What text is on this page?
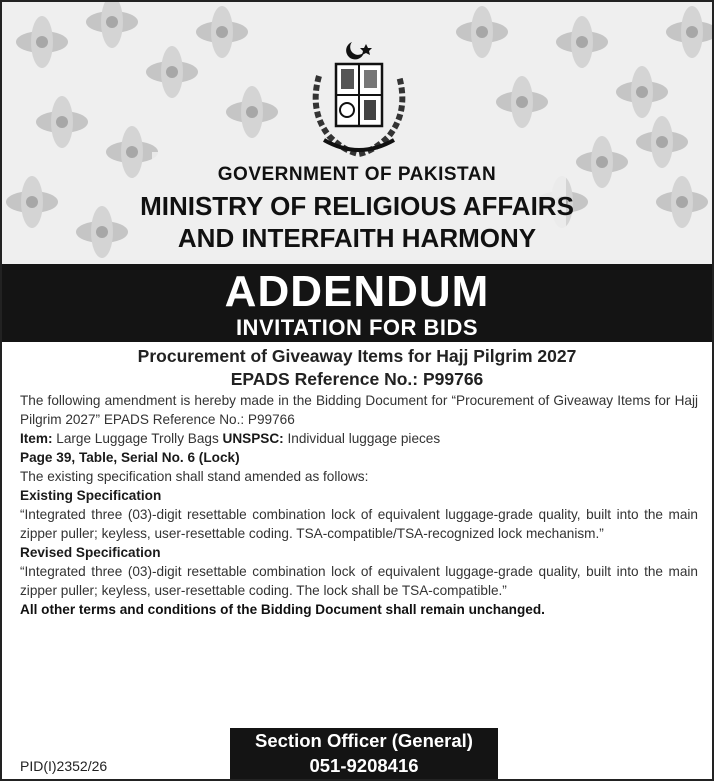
GOVERNMENT OF PAKISTAN
MINISTRY OF RELIGIOUS AFFAIRS
AND INTERFAITH HARMONY
ADDENDUM
INVITATION FOR BIDS
Procurement of Giveaway Items for Hajj Pilgrim 2027
EPADS Reference No.: P99766

The following amendment is hereby made in the Bidding Document for “Procurement of Giveaway Items for Hajj Pilgrim 2027” EPADS Reference No.: P99766

Item: Large Luggage Trolly Bags UNSPSC: Individual luggage pieces

Page 39, Table, Serial No. 6 (Lock)

The existing specification shall stand amended as follows:

Existing Specification

“Integrated three (03)-digit resettable combination lock of equivalent luggage-grade quality, built into the main zipper puller; keyless, user-resettable coding. TSA-compatible/TSA-recognized lock mechanism.”

Revised Specification

“Integrated three (03)-digit resettable combination lock of equivalent luggage-grade quality, built into the main zipper puller; keyless, user-resettable coding. The lock shall be TSA-compatible.”

All other terms and conditions of the Bidding Document shall remain unchanged.

PID(I)2352/26
Section Officer (General)
051-9208416
